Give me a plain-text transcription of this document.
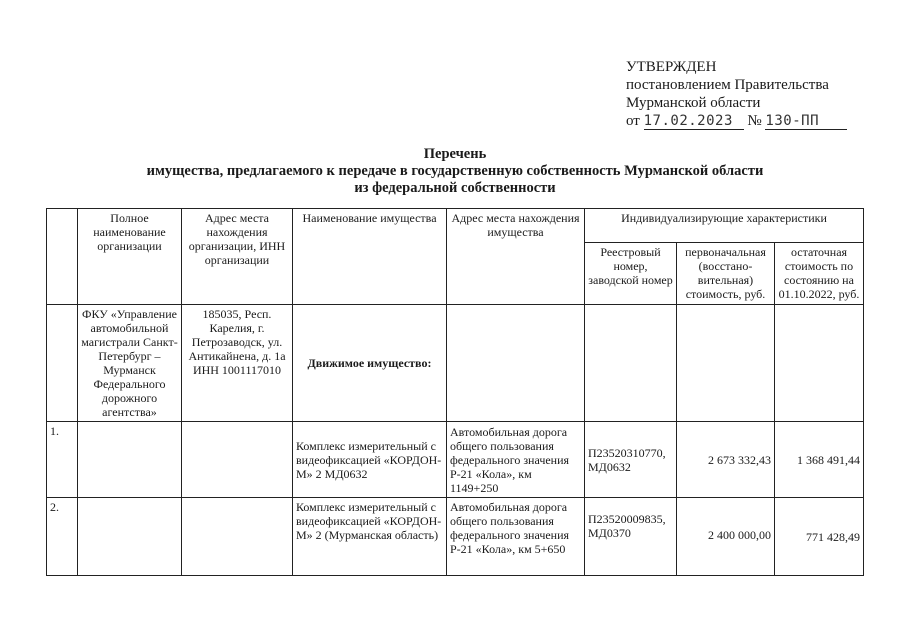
УТВЕРЖДЕН
постановлением Правительства
Мурманской области
от 17.02.2023 № 130-ПП
Перечень
имущества, предлагаемого к передаче в государственную собственность Мурманской области
из федеральной собственности
	Полное наименование организации	Адрес места нахождения организации, ИНН организации	Наименование имущества	Адрес места нахождения имущества	Индивидуализирующие характеристики		
					Реестровый номер, заводской номер	первоначальная (восстано-вительная) стоимость, руб.	остаточная стоимость по состоянию на 01.10.2022, руб.
	ФКУ «Управление автомобильной магистрали Санкт-Петербург – Мурманск Федерального дорожного агентства»	185035, Респ. Карелия, г. Петрозаводск, ул. Антикайнена, д. 1а ИНН 1001117010	Движимое имущество:				
1.			Комплекс измерительный с видеофиксацией «КОРДОН-М» 2 МД0632	Автомобильная дорога общего пользования федерального значения Р-21 «Кола», км 1149+250	П23520310770, МД0632	2 673 332,43	1 368 491,44
2.			Комплекс измерительный с видеофиксацией «КОРДОН-М» 2 (Мурманская область)	Автомобильная дорога общего пользования федерального значения Р-21 «Кола», км 5+650	П23520009835, МД0370	2 400 000,00	771 428,49
